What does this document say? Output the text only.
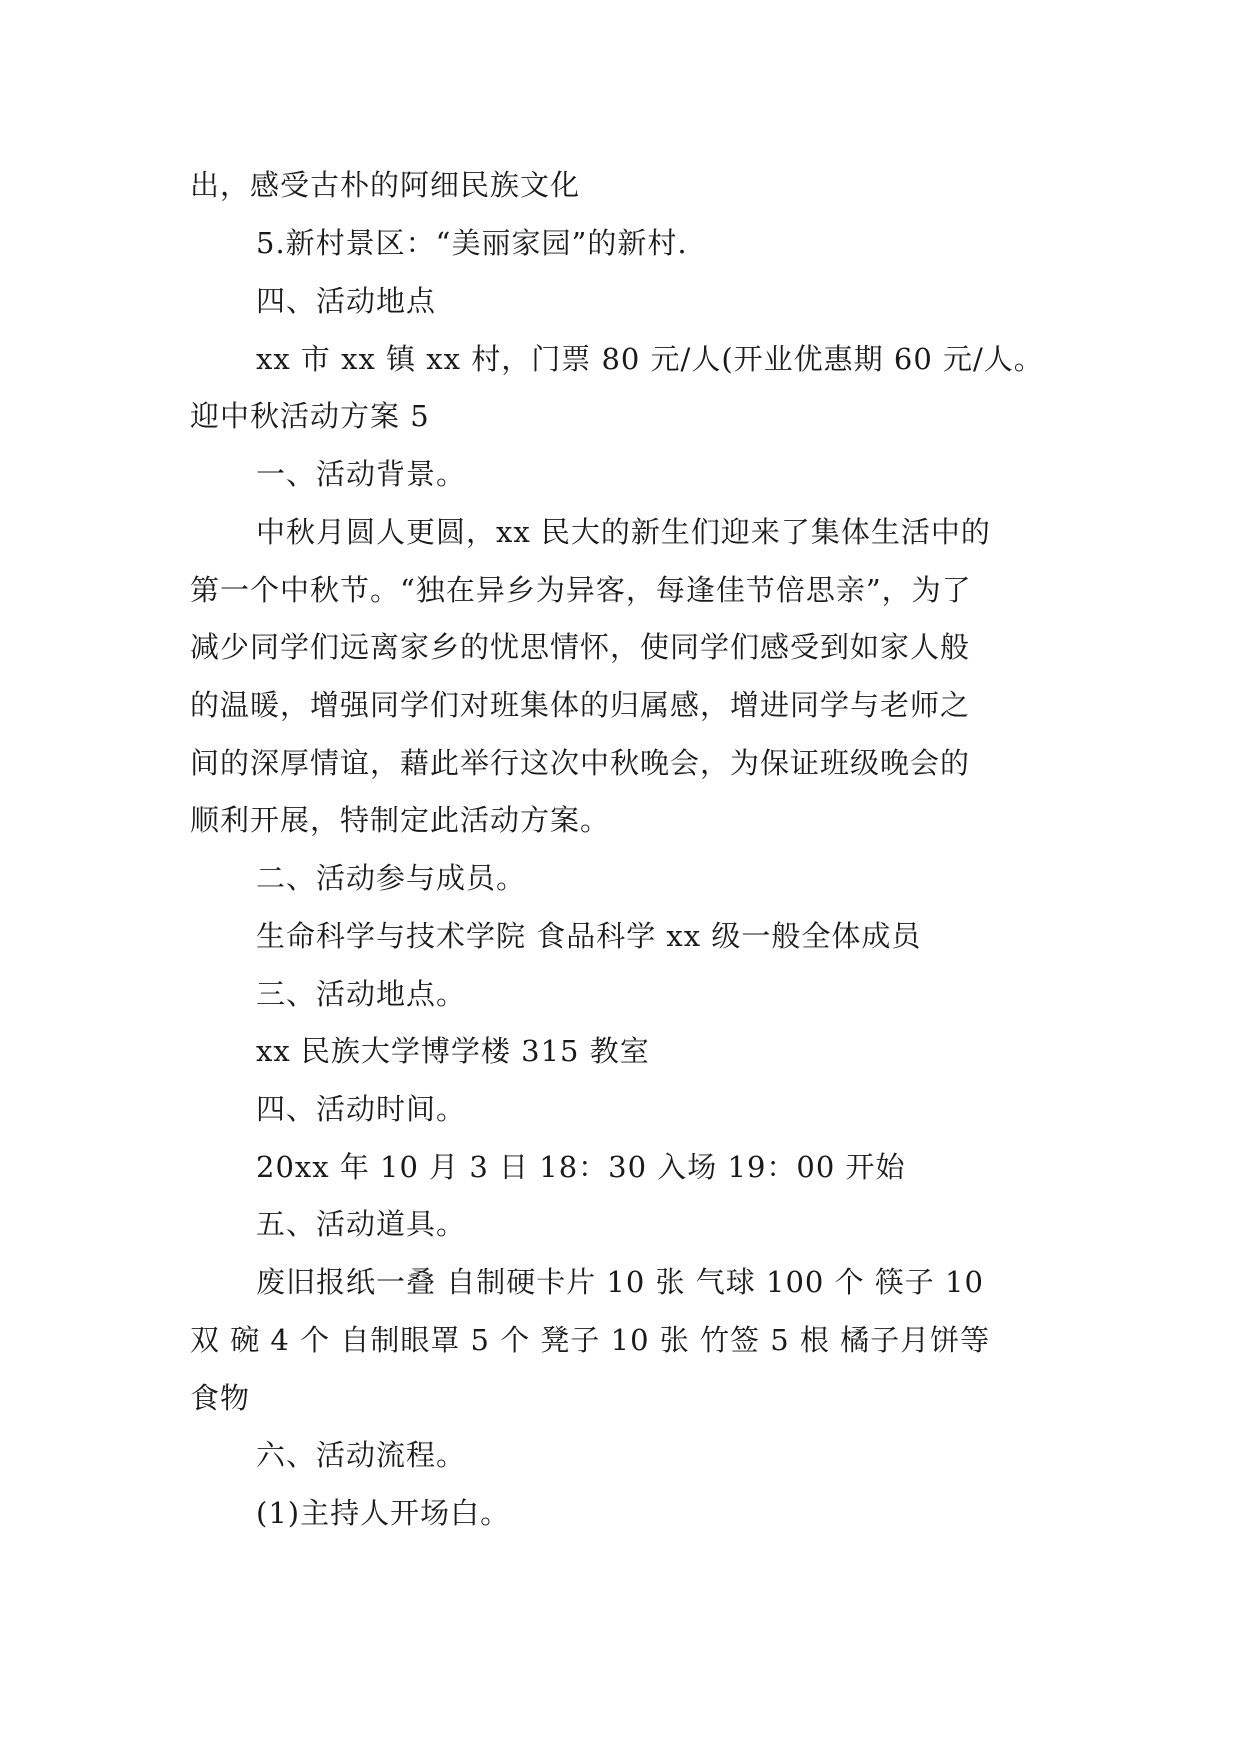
出，感受古朴的阿细民族文化
5.新村景区：“美丽家园”的新村.
四、活动地点
xx 市 xx 镇 xx 村，门票 80 元/人(开业优惠期 60 元/人。
迎中秋活动方案 5
一、活动背景。
中秋月圆人更圆，xx 民大的新生们迎来了集体生活中的
第一个中秋节。“独在异乡为异客，每逢佳节倍思亲”，为了
减少同学们远离家乡的忧思情怀，使同学们感受到如家人般
的温暖，增强同学们对班集体的归属感，增进同学与老师之
间的深厚情谊，藉此举行这次中秋晚会，为保证班级晚会的
顺利开展，特制定此活动方案。
二、活动参与成员。
生命科学与技术学院 食品科学 xx 级一般全体成员
三、活动地点。
xx 民族大学博学楼 315 教室
四、活动时间。
20xx 年 10 月 3 日 18：30 入场 19：00 开始
五、活动道具。
废旧报纸一叠 自制硬卡片 10 张 气球 100 个 筷子 10
双 碗 4 个 自制眼罩 5 个 凳子 10 张 竹签 5 根 橘子月饼等
食物
六、活动流程。
(1)主持人开场白。
